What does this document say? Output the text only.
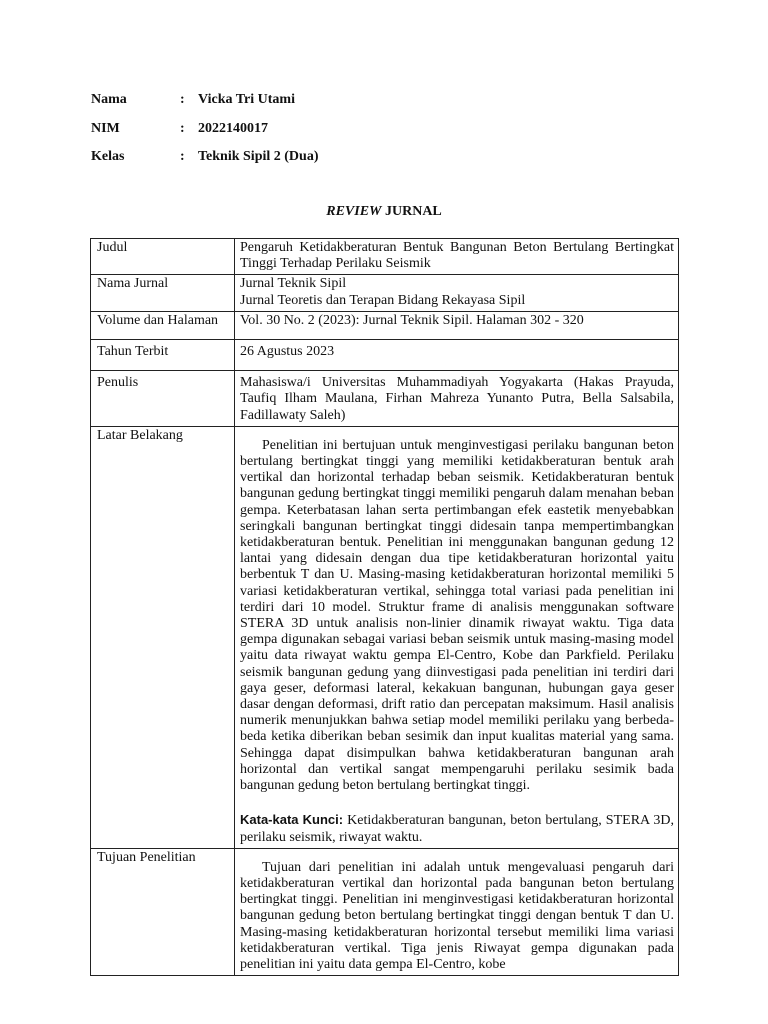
Nama	: Vicka Tri Utami
NIM	: 2022140017
Kelas	: Teknik Sipil 2 (Dua)
REVIEW JURNAL
Judul	Pengaruh Ketidakberaturan Bentuk Bangunan Beton Bertulang Bertingkat Tinggi Terhadap Perilaku Seismik
Nama Jurnal	Jurnal Teknik Sipil
Jurnal Teoretis dan Terapan Bidang Rekayasa Sipil

Volume dan Halaman	Vol. 30 No. 2 (2023): Jurnal Teknik Sipil. Halaman 302 - 320
Tahun Terbit	26 Agustus 2023
Penulis	Mahasiswa/i Universitas Muhammadiyah Yogyakarta (Hakas Prayuda, Taufiq Ilham Maulana, Firhan Mahreza Yunanto Putra, Bella Salsabila, Fadillawaty Saleh)
Latar Belakang	Penelitian ini bertujuan untuk menginvestigasi perilaku bangunan beton bertulang bertingkat tinggi yang memiliki ketidakberaturan bentuk arah vertikal dan horizontal terhadap beban seismik. Ketidakberaturan bentuk bangunan gedung bertingkat tinggi memiliki pengaruh dalam menahan beban gempa. Keterbatasan lahan serta pertimbangan efek eastetik menyebabkan seringkali bangunan bertingkat tinggi didesain tanpa mempertimbangkan ketidakberaturan bentuk. Penelitian ini menggunakan bangunan gedung 12 lantai yang didesain dengan dua tipe ketidakberaturan horizontal yaitu berbentuk T dan U. Masing-masing ketidakberaturan horizontal memiliki 5 variasi ketidakberaturan vertikal, sehingga total variasi pada penelitian ini terdiri dari 10 model. Struktur frame di analisis menggunakan software STERA 3D untuk analisis non-linier dinamik riwayat waktu. Tiga data gempa digunakan sebagai variasi beban seismik untuk masing-masing model yaitu data riwayat waktu gempa El-Centro, Kobe dan Parkfield. Perilaku seismik bangunan gedung yang diinvestigasi pada penelitian ini terdiri dari gaya geser, deformasi lateral, kekakuan bangunan, hubungan gaya geser dasar dengan deformasi, drift ratio dan percepatan maksimum. Hasil analisis numerik menunjukkan bahwa setiap model memiliki perilaku yang berbeda-beda ketika diberikan beban sesimik dan input kualitas material yang sama. Sehingga dapat disimpulkan bahwa ketidakberaturan bangunan arah horizontal dan vertikal sangat mempengaruhi perilaku sesimik bada bangunan gedung beton bertulang bertingkat tinggi.

Kata-kata Kunci: Ketidakberaturan bangunan, beton bertulang, STERA 3D, perilaku seismik, riwayat waktu.

Tujuan Penelitian	Tujuan dari penelitian ini adalah untuk mengevaluasi pengaruh dari ketidakberaturan vertikal dan horizontal pada bangunan beton bertulang bertingkat tinggi. Penelitian ini menginvestigasi ketidakberaturan horizontal bangunan gedung beton bertulang bertingkat tinggi dengan bentuk T dan U. Masing-masing ketidakberaturan horizontal tersebut memiliki lima variasi ketidakberaturan vertikal. Tiga jenis Riwayat gempa digunakan pada penelitian ini yaitu data gempa El-Centro, kobe
